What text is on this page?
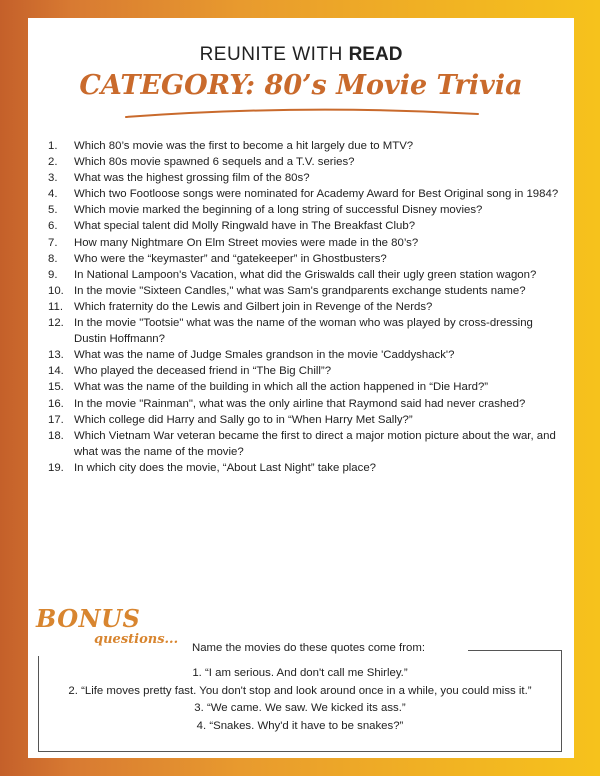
REUNITE WITH READ
CATEGORY: 80’s Movie Trivia
1. Which 80’s movie was the first to become a hit largely due to MTV?
2. Which 80s movie spawned 6 sequels and a T.V. series?
3. What was the highest grossing film of the 80s?
4. Which two Footloose songs were nominated for Academy Award for Best Original song in 1984?
5. Which movie marked the beginning of a long string of successful Disney movies?
6. What special talent did Molly Ringwald have in The Breakfast Club?
7. How many Nightmare On Elm Street movies were made in the 80’s?
8. Who were the “keymaster” and “gatekeeper” in Ghostbusters?
9. In National Lampoon's Vacation, what did the Griswalds call their ugly green station wagon?
10. In the movie "Sixteen Candles," what was Sam's grandparents exchange students name?
11. Which fraternity do the Lewis and Gilbert join in Revenge of the Nerds?
12. In the movie "Tootsie" what was the name of the woman who was played by cross-dressing Dustin Hoffmann?
13. What was the name of Judge Smales grandson in the movie 'Caddyshack'?
14. Who played the deceased friend in “The Big Chill”?
15. What was the name of the building in which all the action happened in “Die Hard?”
16. In the movie "Rainman", what was the only airline that Raymond said had never crashed?
17. Which college did Harry and Sally go to in “When Harry Met Sally?”
18. Which Vietnam War veteran became the first to direct a major motion picture about the war, and what was the name of the movie?
19. In which city does the movie, “About Last Night” take place?
BONUS
questions...
Name the movies do these quotes come from:
1. “I am serious. And don't call me Shirley.”
2. “Life moves pretty fast. You don't stop and look around once in a while, you could miss it.”
3. “We came. We saw. We kicked its ass.”
4. “Snakes. Why'd it have to be snakes?”
